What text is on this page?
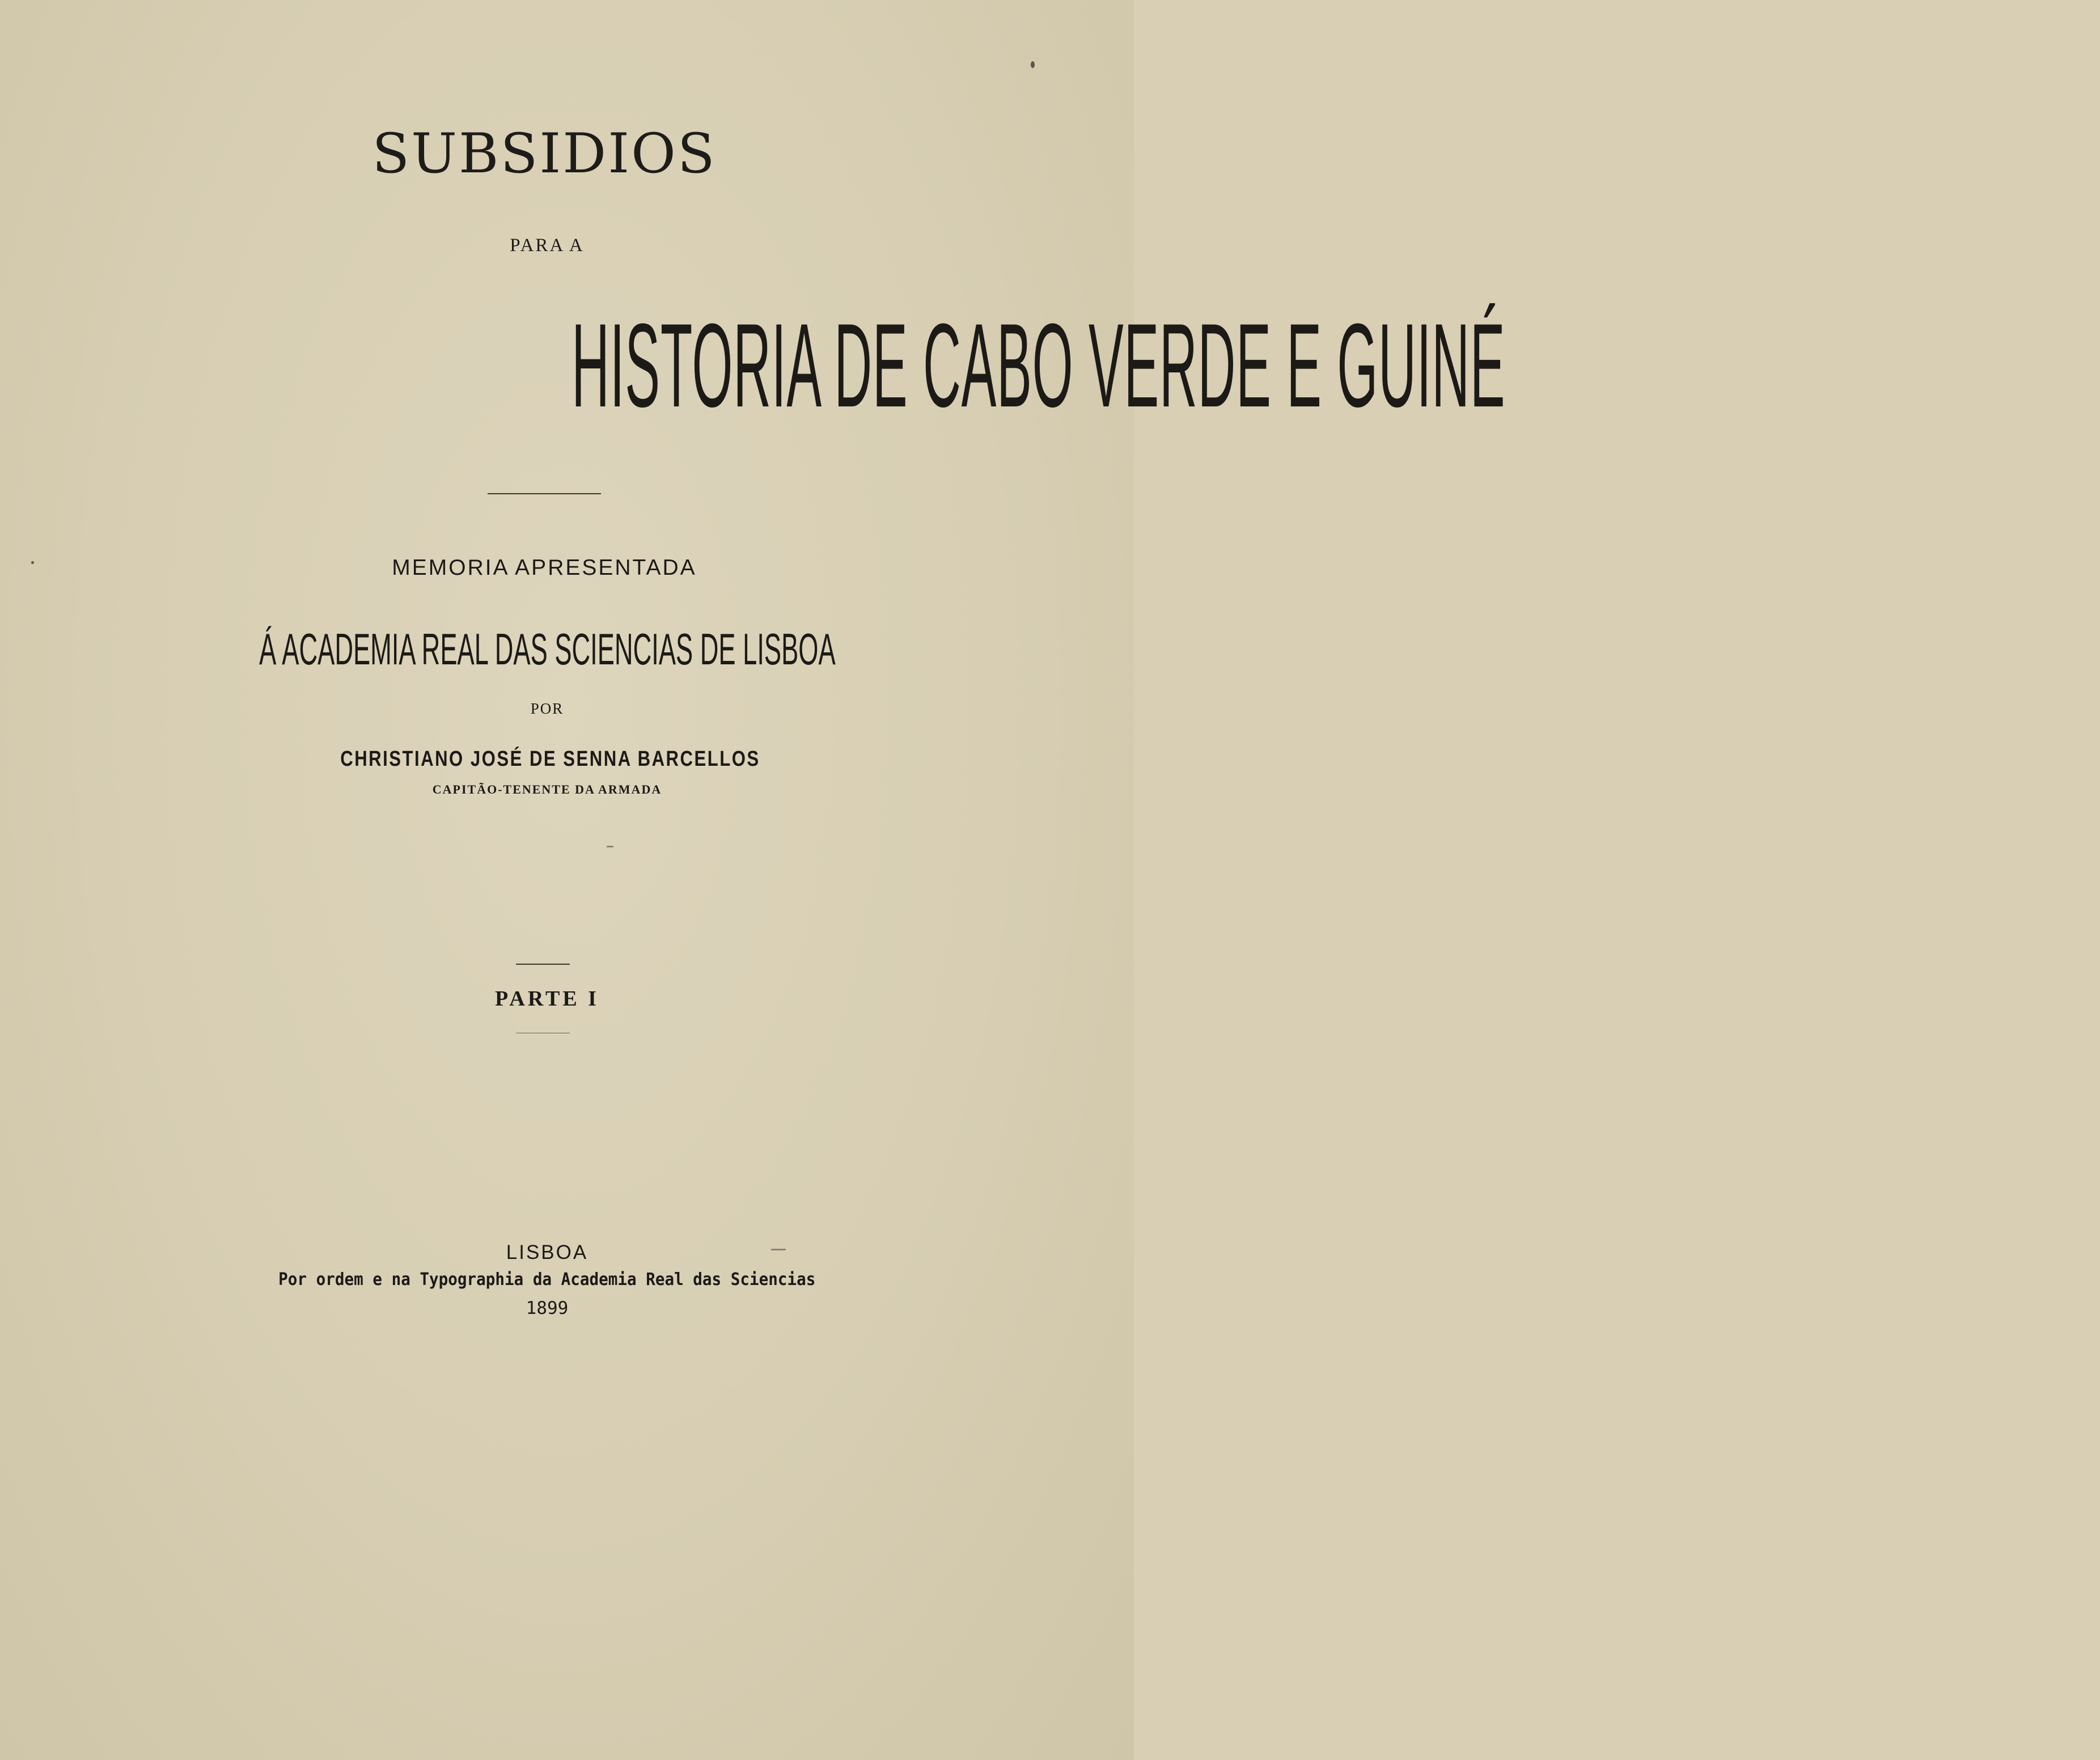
SUBSIDIOS
PARA A
HISTORIA DE CABO VERDE E GUINÉ
MEMORIA APRESENTADA
Á ACADEMIA REAL DAS SCIENCIAS DE LISBOA
POR
CHRISTIANO JOSÉ DE SENNA BARCELLOS
CAPITÃO-TENENTE DA ARMADA
PARTE I
LISBOA
Por ordem e na Typographia da Academia Real das Sciencias
1899
